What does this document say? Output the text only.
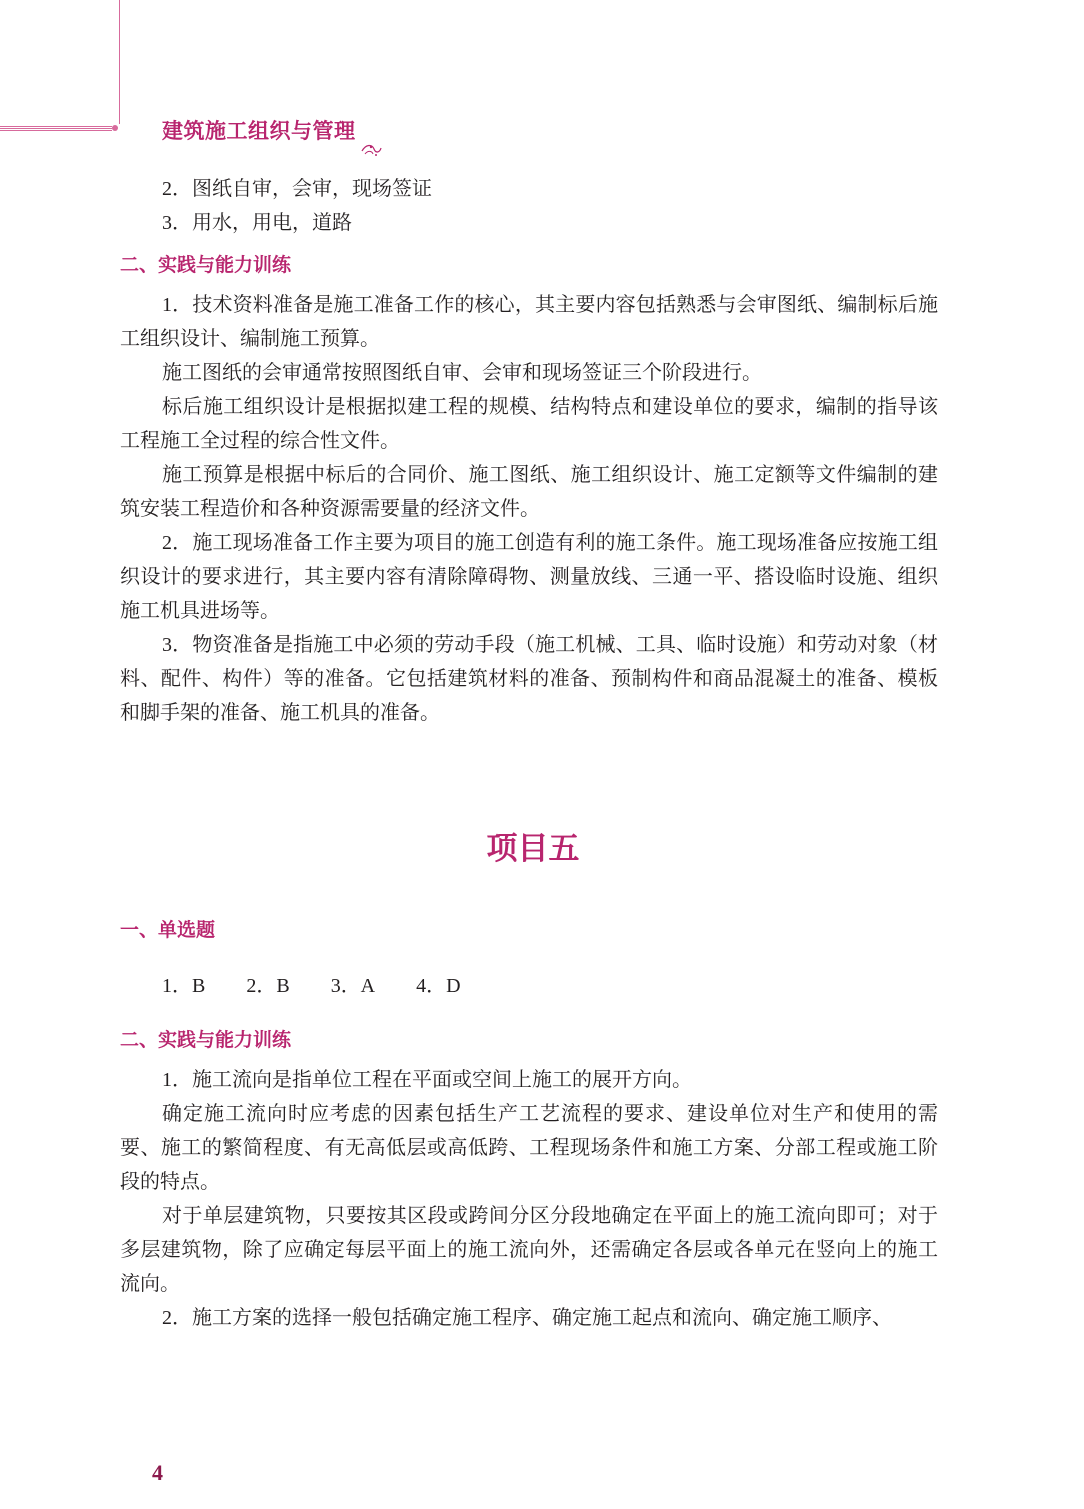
建筑施工组织与管理

2．图纸自审，会审，现场签证

3．用水，用电，道路

二、实践与能力训练

1．技术资料准备是施工准备工作的核心，其主要内容包括熟悉与会审图纸、编制标后施工组织设计、编制施工预算。

施工图纸的会审通常按照图纸自审、会审和现场签证三个阶段进行。

标后施工组织设计是根据拟建工程的规模、结构特点和建设单位的要求，编制的指导该工程施工全过程的综合性文件。

施工预算是根据中标后的合同价、施工图纸、施工组织设计、施工定额等文件编制的建筑安装工程造价和各种资源需要量的经济文件。

2．施工现场准备工作主要为项目的施工创造有利的施工条件。施工现场准备应按施工组织设计的要求进行，其主要内容有清除障碍物、测量放线、三通一平、搭设临时设施、组织施工机具进场等。

3．物资准备是指施工中必须的劳动手段（施工机械、工具、临时设施）和劳动对象（材料、配件、构件）等的准备。它包括建筑材料的准备、预制构件和商品混凝土的准备、模板和脚手架的准备、施工机具的准备。

项目五
一、单选题

1．B 2．B 3．A 4．D

二、实践与能力训练

1．施工流向是指单位工程在平面或空间上施工的展开方向。

确定施工流向时应考虑的因素包括生产工艺流程的要求、建设单位对生产和使用的需要、施工的繁简程度、有无高低层或高低跨、工程现场条件和施工方案、分部工程或施工阶段的特点。

对于单层建筑物，只要按其区段或跨间分区分段地确定在平面上的施工流向即可；对于多层建筑物，除了应确定每层平面上的施工流向外，还需确定各层或各单元在竖向上的施工流向。

2．施工方案的选择一般包括确定施工程序、确定施工起点和流向、确定施工顺序、

4
